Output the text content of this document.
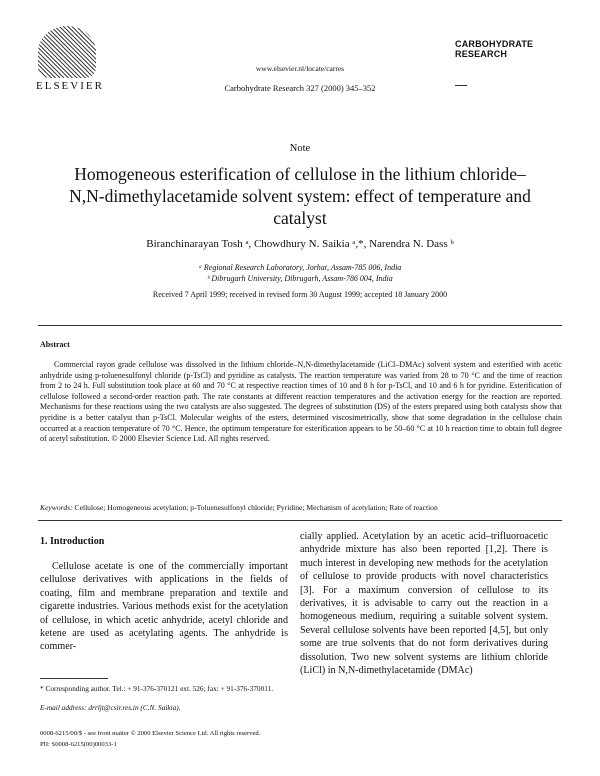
ELSEVIER
www.elsevier.nl/locate/carres
Carbohydrate Research 327 (2000) 345–352
CARBOHYDRATE
RESEARCH
Note
Homogeneous esterification of cellulose in the lithium chloride–N,N-dimethylacetamide solvent system: effect of temperature and catalyst
Biranchinarayan Tosh ᵃ, Chowdhury N. Saikia ᵃ,*, Narendra N. Dass ᵇ
ᵃ Regional Research Laboratory, Jorhat, Assam-785 006, India
ᵇ Dibrugarh University, Dibrugarh, Assam-786 004, India
Received 7 April 1999; received in revised form 30 August 1999; accepted 18 January 2000
Abstract

Commercial rayon grade cellulose was dissolved in the lithium chloride–N,N-dimethylacetamide (LiCl–DMAc) solvent system and esterified with acetic anhydride using p-toluenesulfonyl chloride (p-TsCl) and pyridine as catalysts. The reaction temperature was varied from 28 to 70 °C and the time of reaction from 2 to 24 h. Full substitution took place at 60 and 70 °C at respective reaction times of 10 and 8 h for p-TsCl, and 10 and 6 h for pyridine. Esterification of cellulose followed a second-order reaction path. The rate constants at different reaction temperatures and the activation energy for the reaction are reported. Mechanisms for these reactions using the two catalysts are also suggested. The degrees of substitution (DS) of the esters prepared using both catalysts show that pyridine is a better catalyst than p-TsCl. Molecular weights of the esters, determined viscosimetrically, show that some degradation in the cellulose chain occurred at a reaction temperature of 70 °C. Hence, the optimum temperature for esterification appears to be 50–60 °C at 10 h reaction time to obtain full degree of acetyl substitution. © 2000 Elsevier Science Ltd. All rights reserved.

Keywords: Cellulose; Homogeneous acetylation; p-Toluenesulfonyl chloride; Pyridine; Mechanism of acetylation; Rate of reaction
1. Introduction

Cellulose acetate is one of the commercially important cellulose derivatives with applications in the fields of coating, film and membrane preparation and textile and cigarette industries. Various methods exist for the acetylation of cellulose, in which acetic anhydride, acetyl chloride and ketene are used as acetylating agents. The anhydride is commer-

cially applied. Acetylation by an acetic acid–trifluoroacetic anhydride mixture has also been reported [1,2]. There is much interest in developing new methods for the acetylation of cellulose to provide products with novel characteristics [3]. For a maximum conversion of cellulose to its derivatives, it is advisable to carry out the reaction in a homogeneous medium, requiring a suitable solvent system. Several cellulose solvents have been reported [4,5], but only some are true solvents that do not form derivatives during dissolution. Two new solvent systems are lithium chloride (LiCl) in N,N-dimethylacetamide (DMAc)

* Corresponding author. Tel.: + 91-376-370121 ext. 526; fax: + 91-376-370011.
E-mail address: drrljt@csir.res.in (C.N. Saikia).
0008-6215/00/$ - see front matter © 2000 Elsevier Science Ltd. All rights reserved.
PII: S0008-6215(00)00033-1
